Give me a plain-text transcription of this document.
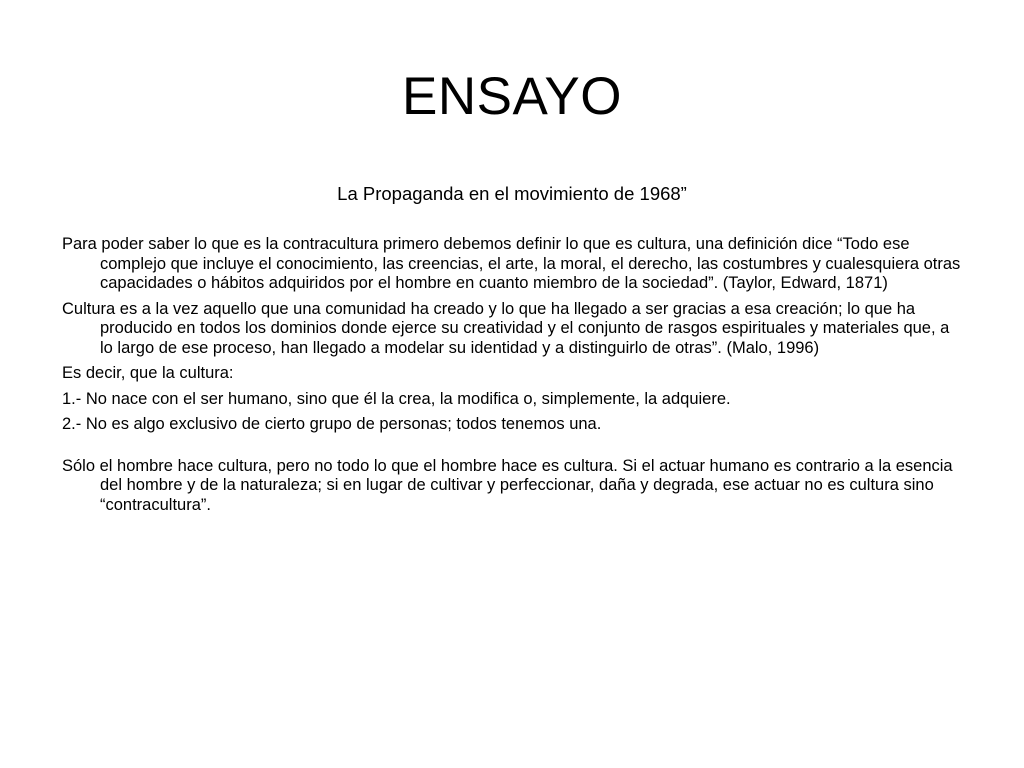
ENSAYO
La Propaganda en el movimiento de 1968”

Para poder saber lo que es la contracultura primero debemos definir lo que es cultura, una definición dice “Todo ese complejo que incluye el conocimiento, las creencias, el arte, la moral, el derecho, las costumbres y cualesquiera otras capacidades o hábitos adquiridos por el hombre en cuanto miembro de la sociedad”. (Taylor, Edward, 1871)

Cultura es a la vez aquello que una comunidad ha creado y lo que ha llegado a ser gracias a esa creación; lo que ha producido en todos los dominios donde ejerce su creatividad y el conjunto de rasgos espirituales y materiales que, a lo largo de ese proceso, han llegado a modelar su identidad y a distinguirlo de otras”. (Malo, 1996)

Es decir, que la cultura:

1.- No nace con el ser humano, sino que él la crea, la modifica o, simplemente, la adquiere.

2.- No es algo exclusivo de cierto grupo de personas; todos tenemos una.

Sólo el hombre hace cultura, pero no todo lo que el hombre hace es cultura. Si el actuar humano es contrario a la esencia del hombre y de la naturaleza; si en lugar de cultivar y perfeccionar, daña y degrada, ese actuar no es cultura sino “contracultura”.
